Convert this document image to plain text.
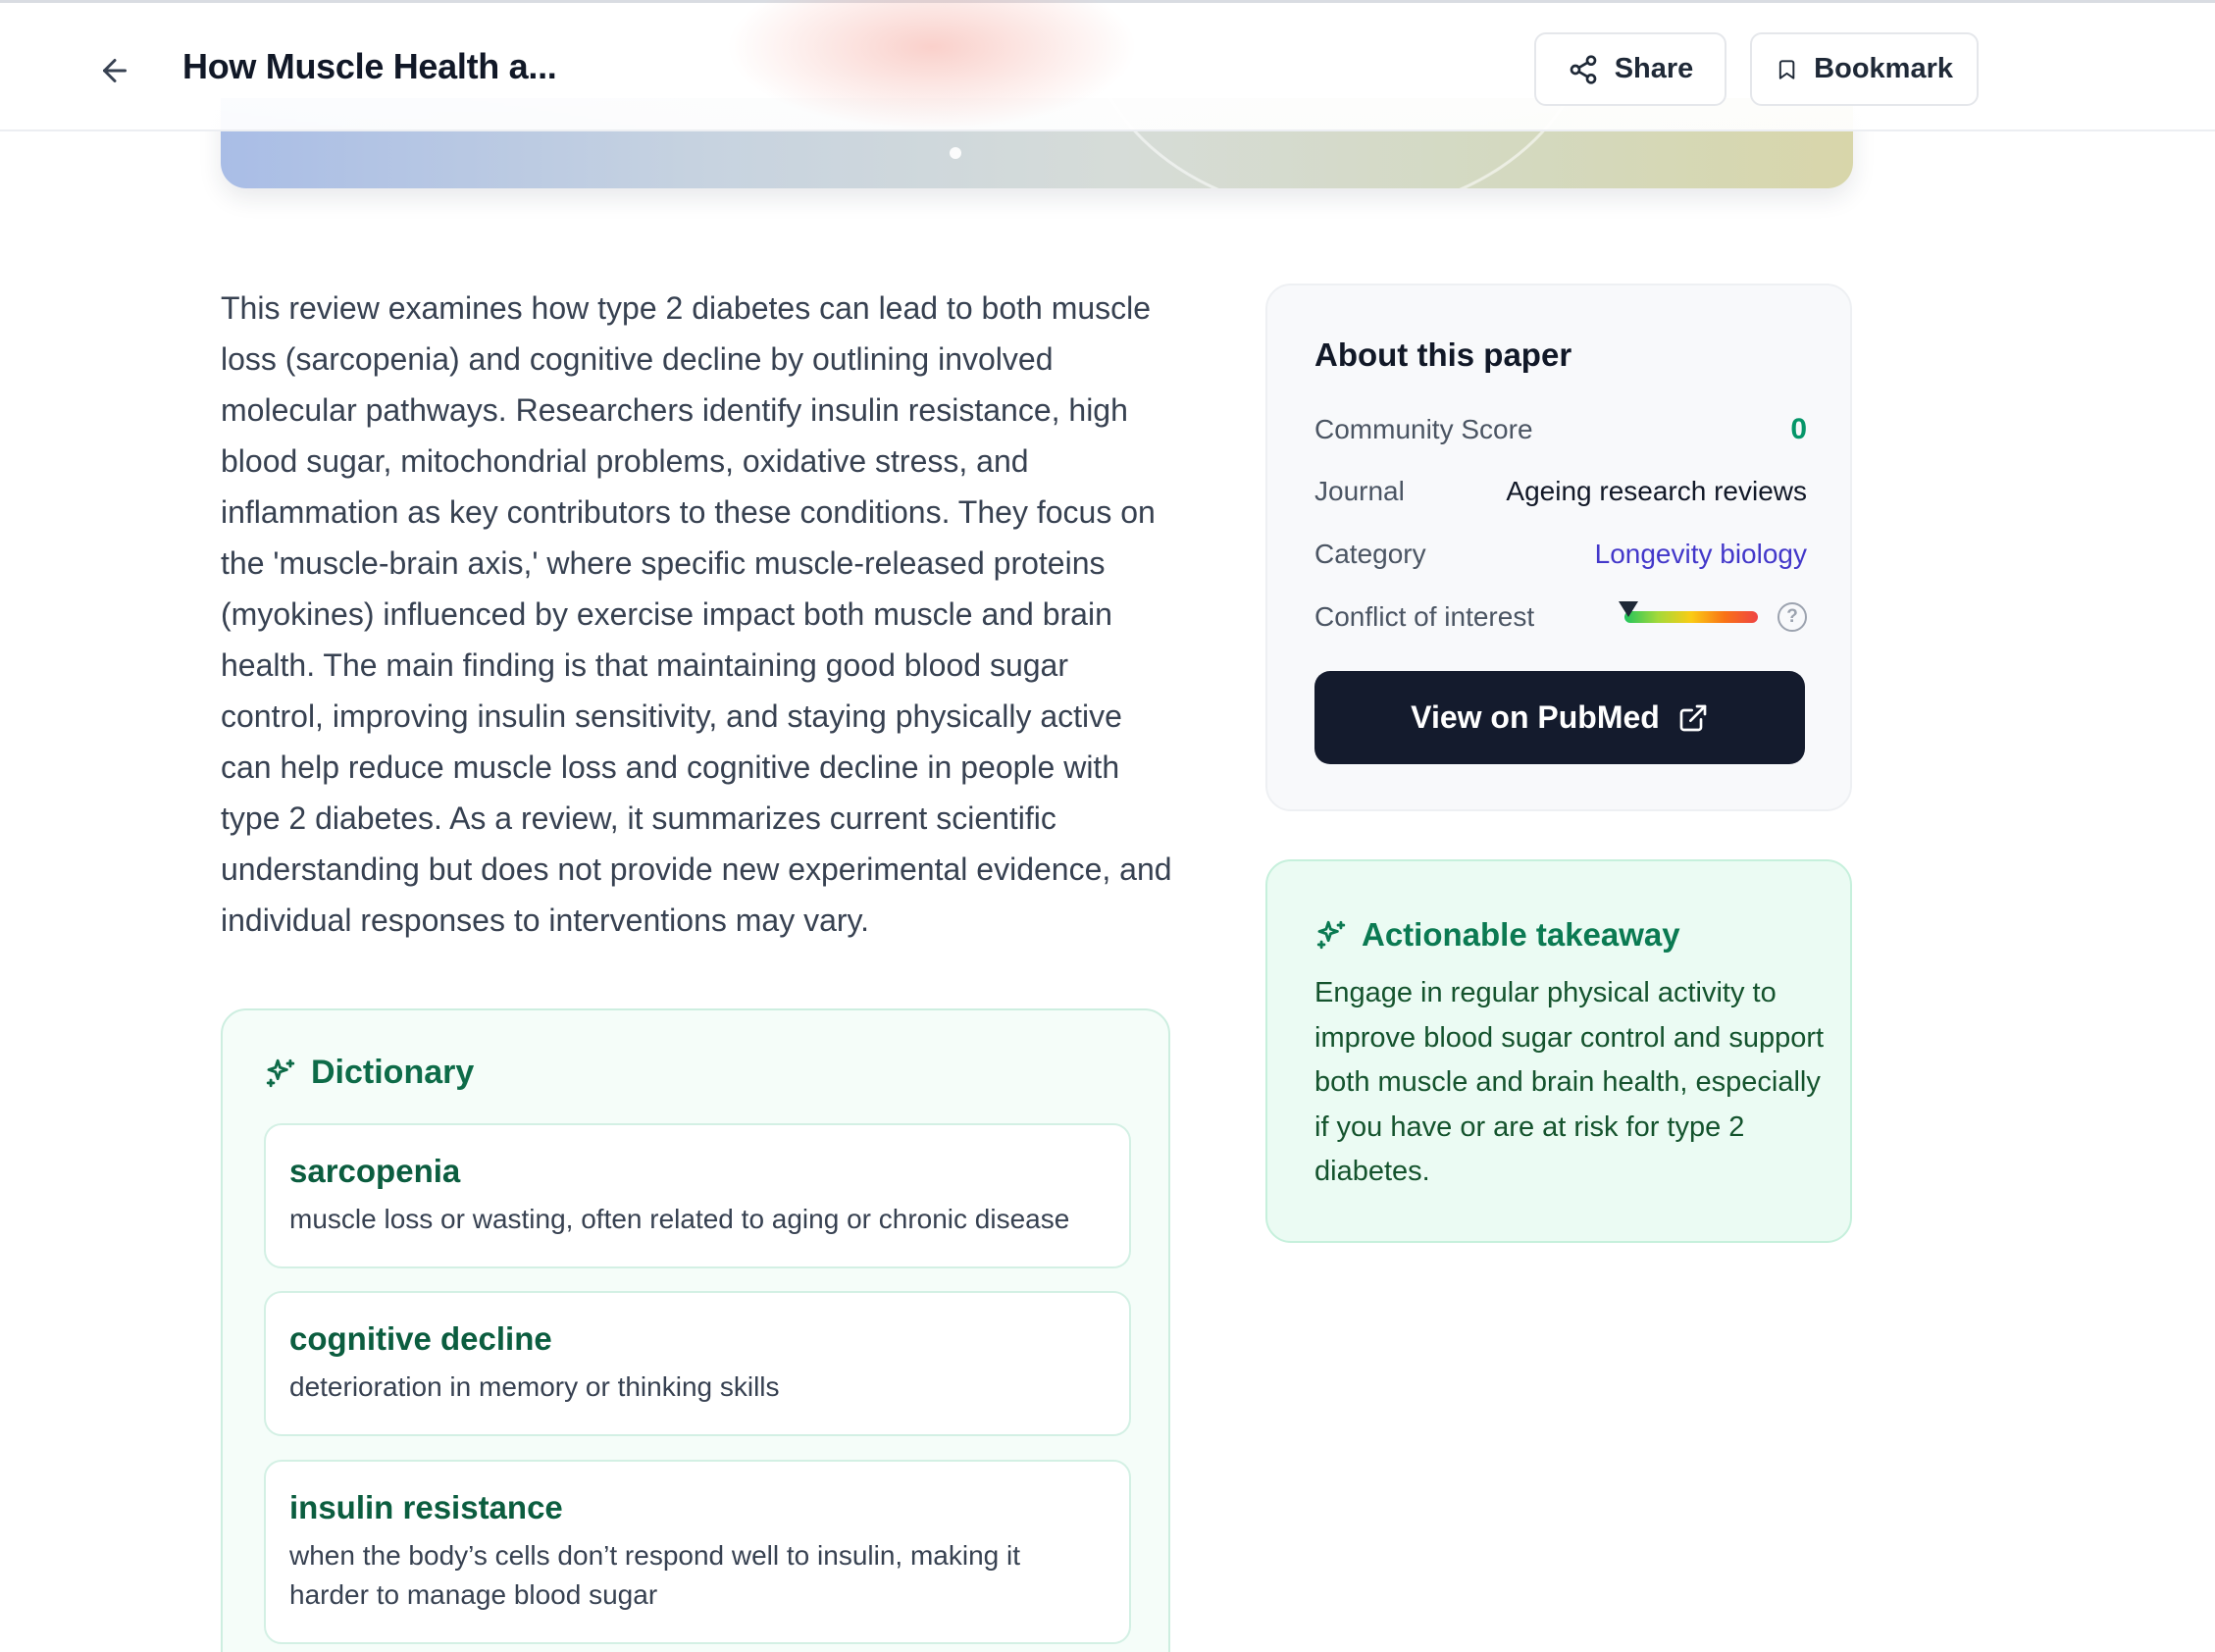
How Muscle Health a...	Share	Bookmark

This review examines how type 2 diabetes can lead to both muscle loss (sarcopenia) and cognitive decline by outlining involved molecular pathways. Researchers identify insulin resistance, high blood sugar, mitochondrial problems, oxidative stress, and inflammation as key contributors to these conditions. They focus on the 'muscle-brain axis,' where specific muscle-released proteins (myokines) influenced by exercise impact both muscle and brain health. The main finding is that maintaining good blood sugar control, improving insulin sensitivity, and staying physically active can help reduce muscle loss and cognitive decline in people with type 2 diabetes. As a review, it summarizes current scientific understanding but does not provide new experimental evidence, and individual responses to interventions may vary.

Dictionary
sarcopenia
muscle loss or wasting, often related to aging or chronic disease
cognitive decline
deterioration in memory or thinking skills
insulin resistance
when the body’s cells don’t respond well to insulin, making it harder to manage blood sugar
About this paper
Community Score	0
Journal	Ageing research reviews
Category	Longevity biology
Conflict of interest	?
View on PubMed
Actionable takeaway

Engage in regular physical activity to improve blood sugar control and support both muscle and brain health, especially if you have or are at risk for type 2 diabetes.
